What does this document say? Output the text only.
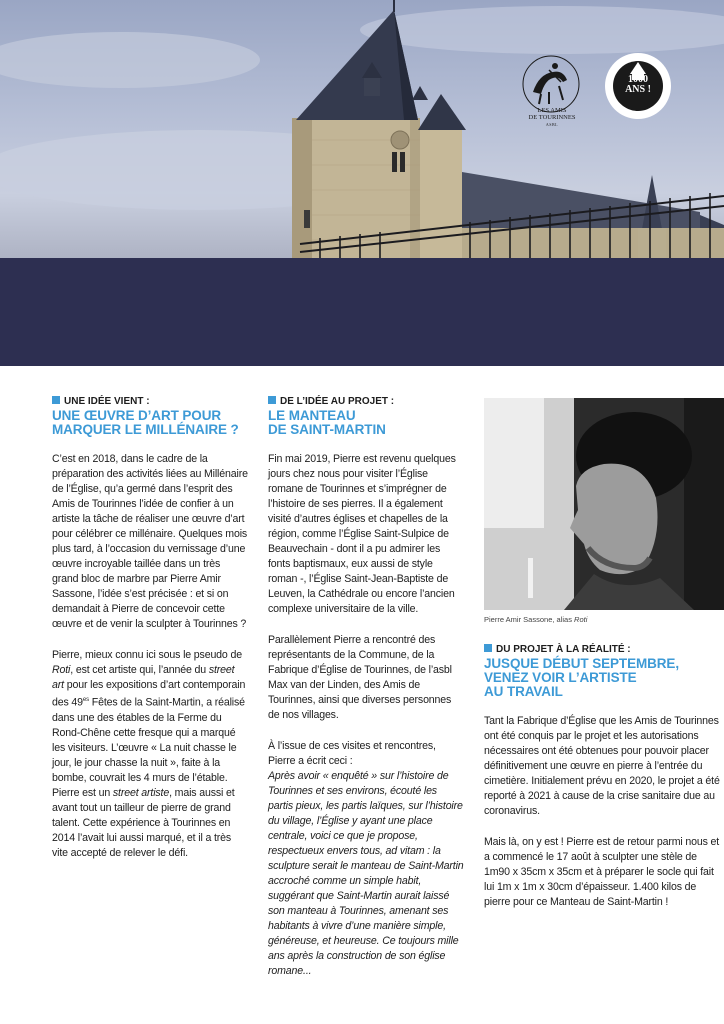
LES AMIS
DE TOURINNES
ASBL
1000
ANS !

UNE IDÉE VIENT :
UNE ŒUVRE D’ART POUR
MARQUER LE MILLÉNAIRE ?

C’est en 2018, dans le cadre de la préparation des activités liées au Millénaire de l’Église, qu’a germé dans l’esprit des Amis de Tourinnes l’idée de confier à un artiste la tâche de réaliser une œuvre d’art pour célébrer ce millénaire. Quelques mois plus tard, à l’occasion du vernissage d’une œuvre incroyable taillée dans un très grand bloc de marbre par Pierre Amir Sassone, l’idée s’est précisée : et si on demandait à Pierre de concevoir cette œuvre et de venir la sculpter à Tourinnes ?

Pierre, mieux connu ici sous le pseudo de Roti, est cet artiste qui, l’année du street art pour les expositions d’art contemporain des $49^{es}$ Fêtes de la Saint-Martin, a réalisé dans une des étables de la Ferme du Rond-Chêne cette fresque qui a marqué les visiteurs. L’œuvre « La nuit chasse le jour, le jour chasse la nuit », faite à la bombe, couvrait les 4 murs de l’étable. Pierre est un street artiste, mais aussi et avant tout un tailleur de pierre de grand talent. Cette expérience à Tourinnes en 2014 l’avait lui aussi marqué, et il a très vite accepté de relever le défi.

DE L’IDÉE AU PROJET :
LE MANTEAU
DE SAINT-MARTIN

Fin mai 2019, Pierre est revenu quelques jours chez nous pour visiter l’Église romane de Tourinnes et s’imprégner de l’histoire de ses pierres. Il a également visité d’autres églises et chapelles de la région, comme l’Église Saint-Sulpice de Beauvechain - dont il a pu admirer les fonts baptismaux, eux aussi de style roman -, l’Église Saint-Jean-Baptiste de Leuven, la Cathédrale ou encore l’ancien complexe universitaire de la ville.

Parallèlement Pierre a rencontré des représentants de la Commune, de la Fabrique d’Église de Tourinnes, de l’asbl Max van der Linden, des Amis de Tourinnes, ainsi que diverses personnes de nos villages.

À l’issue de ces visites et rencontres, Pierre a écrit ceci :
Après avoir « enquêté » sur l’histoire de Tourinnes et ses environs, écouté les partis pieux, les partis laïques, sur l’histoire du village, l’Église y ayant une place centrale, voici ce que je propose, respectueux envers tous, ad vitam : la sculpture serait le manteau de Saint-Martin accroché comme un simple habit, suggérant que Saint-Martin aurait laissé son manteau à Tourinnes, amenant ses habitants à vivre d’une manière simple, généreuse, et heureuse. Ce toujours mille ans après la construction de son église romane...

Pierre Amir Sassone, alias Roti
DU PROJET À LA RÉALITÉ :
JUSQUE DÉBUT SEPTEMBRE,
VENEZ VOIR L’ARTISTE
AU TRAVAIL

Tant la Fabrique d’Église que les Amis de Tourinnes ont été conquis par le projet et les autorisations nécessaires ont été obtenues pour pouvoir placer définitivement une œuvre en pierre à l’entrée du cimetière. Initialement prévu en 2020, le projet a été reporté à 2021 à cause de la crise sanitaire due au coronavirus.

Mais là, on y est ! Pierre est de retour parmi nous et a commencé le 17 août à sculpter une stèle de 1m90 x 35cm x 35cm et à préparer le socle qui fait lui 1m x 1m x 30cm d’épaisseur. 1.400 kilos de pierre pour ce Manteau de Saint-Martin !
